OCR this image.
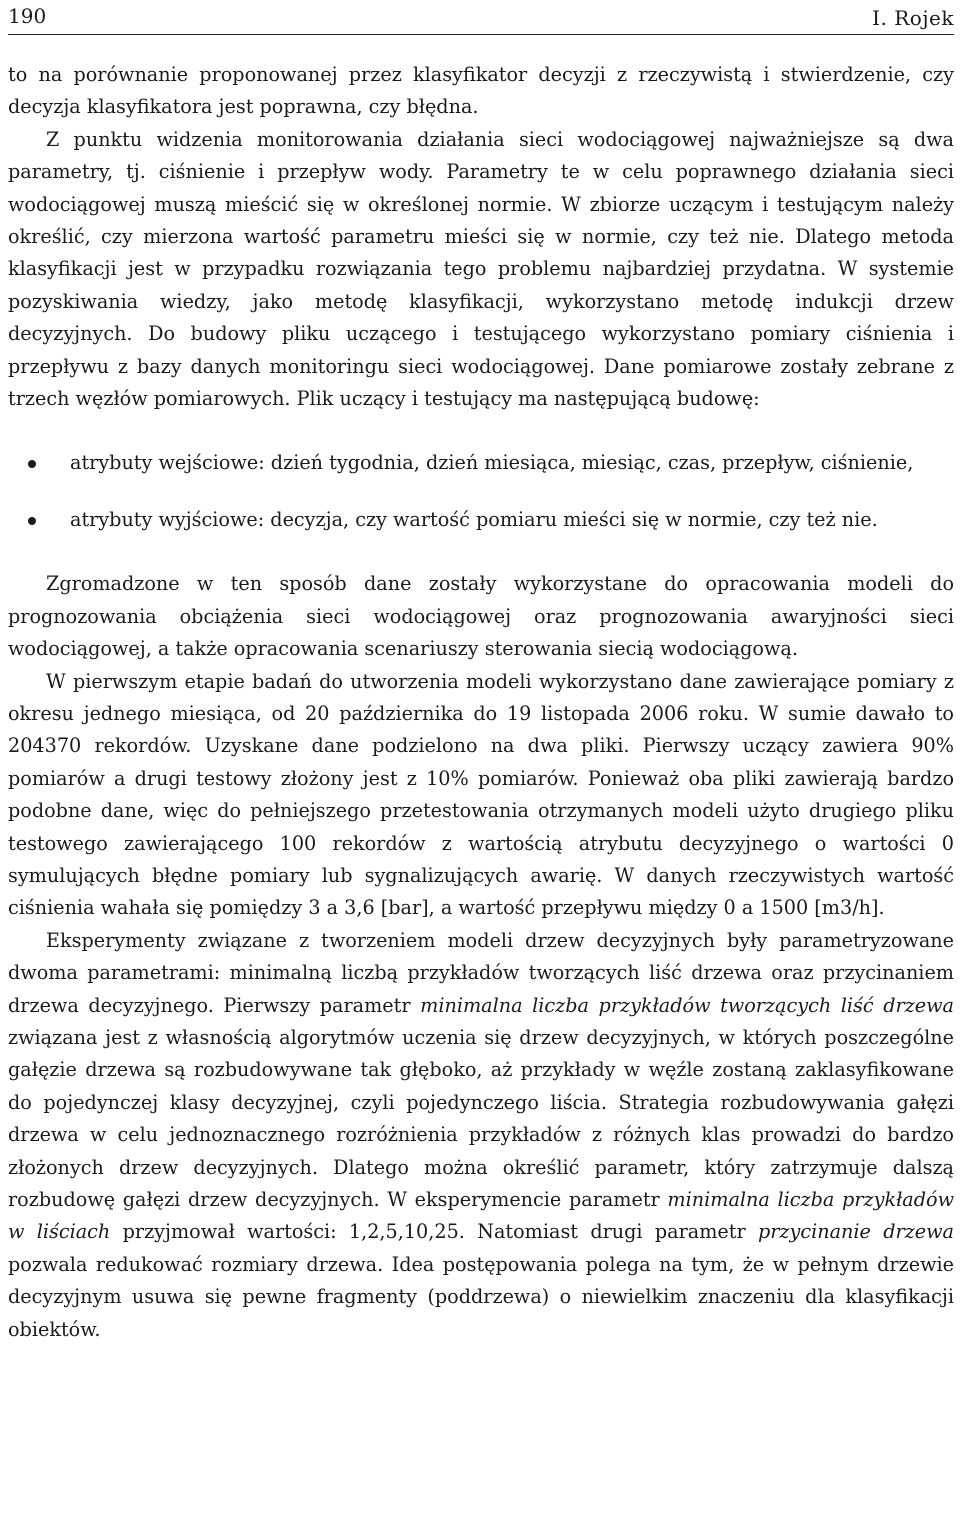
190	I. Rojek

to na porównanie proponowanej przez klasyfikator decyzji z rzeczywistą i stwierdzenie, czy decyzja klasyfikatora jest poprawna, czy błędna.

Z punktu widzenia monitorowania działania sieci wodociągowej najważniejsze są dwa parametry, tj. ciśnienie i przepływ wody. Parametry te w celu poprawnego działania sieci wodociągowej muszą mieścić się w określonej normie. W zbiorze uczącym i testującym należy określić, czy mierzona wartość parametru mieści się w normie, czy też nie. Dlatego metoda klasyfikacji jest w przypadku rozwiązania tego problemu najbardziej przydatna. W systemie pozyskiwania wiedzy, jako metodę klasyfikacji, wykorzystano metodę indukcji drzew decyzyjnych. Do budowy pliku uczącego i testującego wykorzystano pomiary ciśnienia i przepływu z bazy danych monitoringu sieci wodociągowej. Dane pomiarowe zostały zebrane z trzech węzłów pomiarowych. Plik uczący i testujący ma następującą budowę:

atrybuty wejściowe: dzień tygodnia, dzień miesiąca, miesiąc, czas, przepływ, ciśnienie,
atrybuty wyjściowe: decyzja, czy wartość pomiaru mieści się w normie, czy też nie.

Zgromadzone w ten sposób dane zostały wykorzystane do opracowania modeli do prognozowania obciążenia sieci wodociągowej oraz prognozowania awaryjności sieci wodociągowej, a także opracowania scenariuszy sterowania siecią wodociągową.

W pierwszym etapie badań do utworzenia modeli wykorzystano dane zawierające pomiary z okresu jednego miesiąca, od 20 października do 19 listopada 2006 roku. W sumie dawało to 204370 rekordów. Uzyskane dane podzielono na dwa pliki. Pierwszy uczący zawiera 90% pomiarów a drugi testowy złożony jest z 10% pomiarów. Ponieważ oba pliki zawierają bardzo podobne dane, więc do pełniejszego przetestowania otrzymanych modeli użyto drugiego pliku testowego zawierającego 100 rekordów z wartością atrybutu decyzyjnego o wartości 0 symulujących błędne pomiary lub sygnalizujących awarię. W danych rzeczywistych wartość ciśnienia wahała się pomiędzy 3 a 3,6 [bar], a wartość przepływu między 0 a 1500 [m3/h].

Eksperymenty związane z tworzeniem modeli drzew decyzyjnych były parametryzowane dwoma parametrami: minimalną liczbą przykładów tworzących liść drzewa oraz przycinaniem drzewa decyzyjnego. Pierwszy parametr minimalna liczba przykładów tworzących liść drzewa związana jest z własnością algorytmów uczenia się drzew decyzyjnych, w których poszczególne gałęzie drzewa są rozbudowywane tak głęboko, aż przykłady w węźle zostaną zaklasyfikowane do pojedynczej klasy decyzyjnej, czyli pojedynczego liścia. Strategia rozbudowywania gałęzi drzewa w celu jednoznacznego rozróżnienia przykładów z różnych klas prowadzi do bardzo złożonych drzew decyzyjnych. Dlatego można określić parametr, który zatrzymuje dalszą rozbudowę gałęzi drzew decyzyjnych. W eksperymencie parametr minimalna liczba przykładów w liściach przyjmował wartości: 1,2,5,10,25. Natomiast drugi parametr przycinanie drzewa pozwala redukować rozmiary drzewa. Idea postępowania polega na tym, że w pełnym drzewie decyzyjnym usuwa się pewne fragmenty (poddrzewa) o niewielkim znaczeniu dla klasyfikacji obiektów.
